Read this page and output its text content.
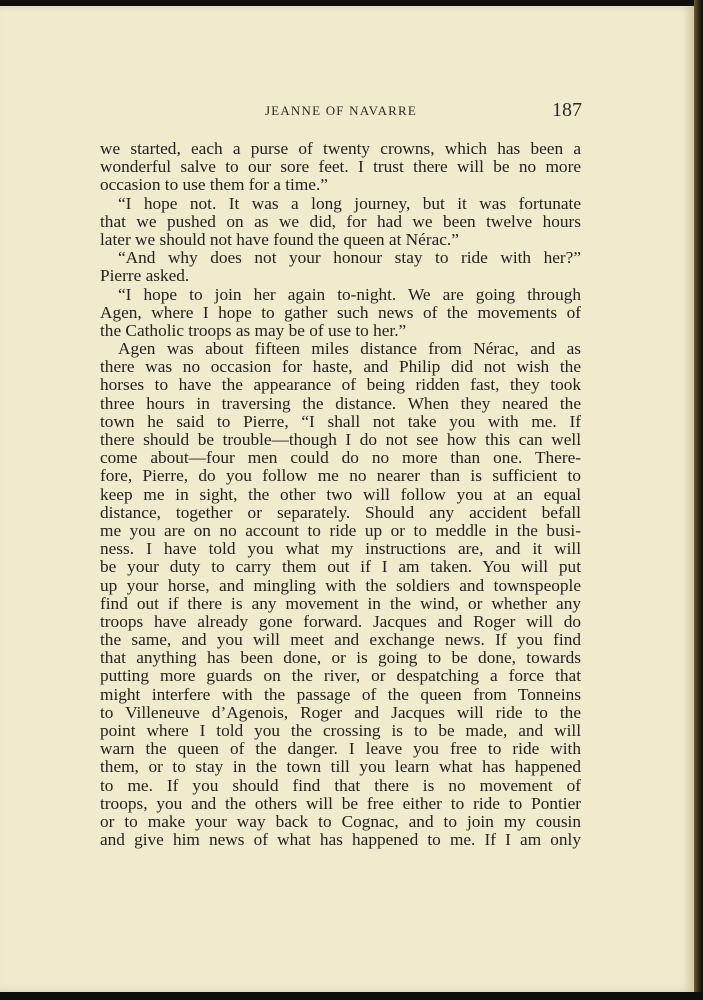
JEANNE OF NAVARRE	187
we started, each a purse of twenty crowns, which has been a
wonderful salve to our sore feet. I trust there will be no more
occasion to use them for a time.”
“I hope not. It was a long journey, but it was fortunate
that we pushed on as we did, for had we been twelve hours
later we should not have found the queen at Nérac.”
“And why does not your honour stay to ride with her?”
Pierre asked.
“I hope to join her again to-night. We are going through
Agen, where I hope to gather such news of the movements of
the Catholic troops as may be of use to her.”
Agen was about fifteen miles distance from Nérac, and as
there was no occasion for haste, and Philip did not wish the
horses to have the appearance of being ridden fast, they took
three hours in traversing the distance. When they neared the
town he said to Pierre, “I shall not take you with me. If
there should be trouble—though I do not see how this can well
come about—four men could do no more than one. There-
fore, Pierre, do you follow me no nearer than is sufficient to
keep me in sight, the other two will follow you at an equal
distance, together or separately. Should any accident befall
me you are on no account to ride up or to meddle in the busi-
ness. I have told you what my instructions are, and it will
be your duty to carry them out if I am taken. You will put
up your horse, and mingling with the soldiers and townspeople
find out if there is any movement in the wind, or whether any
troops have already gone forward. Jacques and Roger will do
the same, and you will meet and exchange news. If you find
that anything has been done, or is going to be done, towards
putting more guards on the river, or despatching a force that
might interfere with the passage of the queen from Tonneins
to Villeneuve d’Agenois, Roger and Jacques will ride to the
point where I told you the crossing is to be made, and will
warn the queen of the danger. I leave you free to ride with
them, or to stay in the town till you learn what has happened
to me. If you should find that there is no movement of
troops, you and the others will be free either to ride to Pontier
or to make your way back to Cognac, and to join my cousin
and give him news of what has happened to me. If I am only
